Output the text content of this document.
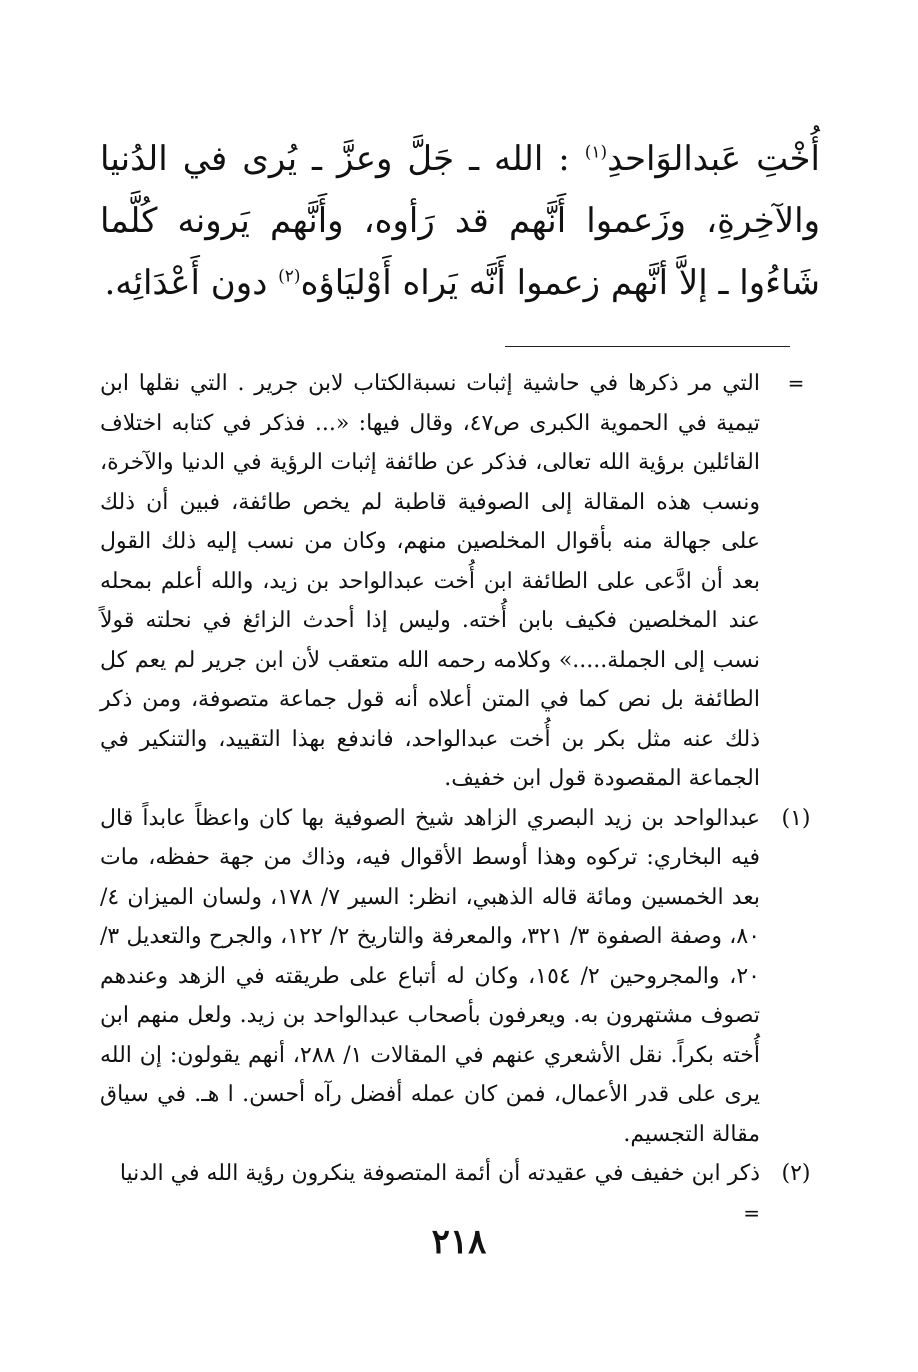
أُخْتِ عَبدالوَاحدِ$^{(١)}$ : الله ـ جَلَّ وعزَّ ـ يُرى في الدُنيا والآخِرةِ، وزَعموا أَنَّهم قد رَأوه، وأَنَّهم يَرونه كُلَّما شَاءُوا ـ إلاَّ أنَّهم زعموا أَنَّه يَراه أَوْليَاؤه$^{(٢)}$ دون أَعْدَائِه.

=
التي مر ذكرها في حاشية إثبات نسبةالكتاب لابن جرير . التي نقلها ابن تيمية في الحموية الكبرى ص٤٧، وقال فيها: «... فذكر في كتابه اختلاف القائلين برؤية الله تعالى، فذكر عن طائفة إثبات الرؤية في الدنيا والآخرة، ونسب هذه المقالة إلى الصوفية قاطبة لم يخص طائفة، فبين أن ذلك على جهالة منه بأقوال المخلصين منهم، وكان من نسب إليه ذلك القول بعد أن ادَّعى على الطائفة ابن أُخت عبدالواحد بن زيد، والله أعلم بمحله عند المخلصين فكيف بابن أُخته. وليس إذا أحدث الزائغ في نحلته قولاً نسب إلى الجملة.....» وكلامه رحمه الله متعقب لأن ابن جرير لم يعم كل الطائفة بل نص كما في المتن أعلاه أنه قول جماعة متصوفة، ومن ذكر ذلك عنه مثل بكر بن أُخت عبدالواحد، فاندفع بهذا التقييد، والتنكير في الجماعة المقصودة قول ابن خفيف.
(١)
عبدالواحد بن زيد البصري الزاهد شيخ الصوفية بها كان واعظاً عابداً قال فيه البخاري: تركوه وهذا أوسط الأقوال فيه، وذاك من جهة حفظه، مات بعد الخمسين ومائة قاله الذهبي، انظر: السير ٧/ ١٧٨، ولسان الميزان ٤/ ٨٠، وصفة الصفوة ٣/ ٣٢١، والمعرفة والتاريخ ٢/ ١٢٢، والجرح والتعديل ٣/ ٢٠، والمجروحين ٢/ ١٥٤، وكان له أتباع على طريقته في الزهد وعندهم تصوف مشتهرون به. ويعرفون بأصحاب عبدالواحد بن زيد. ولعل منهم ابن أُخته بكراً. نقل الأشعري عنهم في المقالات ١/ ٢٨٨، أنهم يقولون: إن الله يرى على قدر الأعمال، فمن كان عمله أفضل رآه أحسن. ا هـ. في سياق مقالة التجسيم.
(٢)
ذكر ابن خفيف في عقيدته أن أئمة المتصوفة ينكرون رؤية الله في الدنيا =
٢١٨
